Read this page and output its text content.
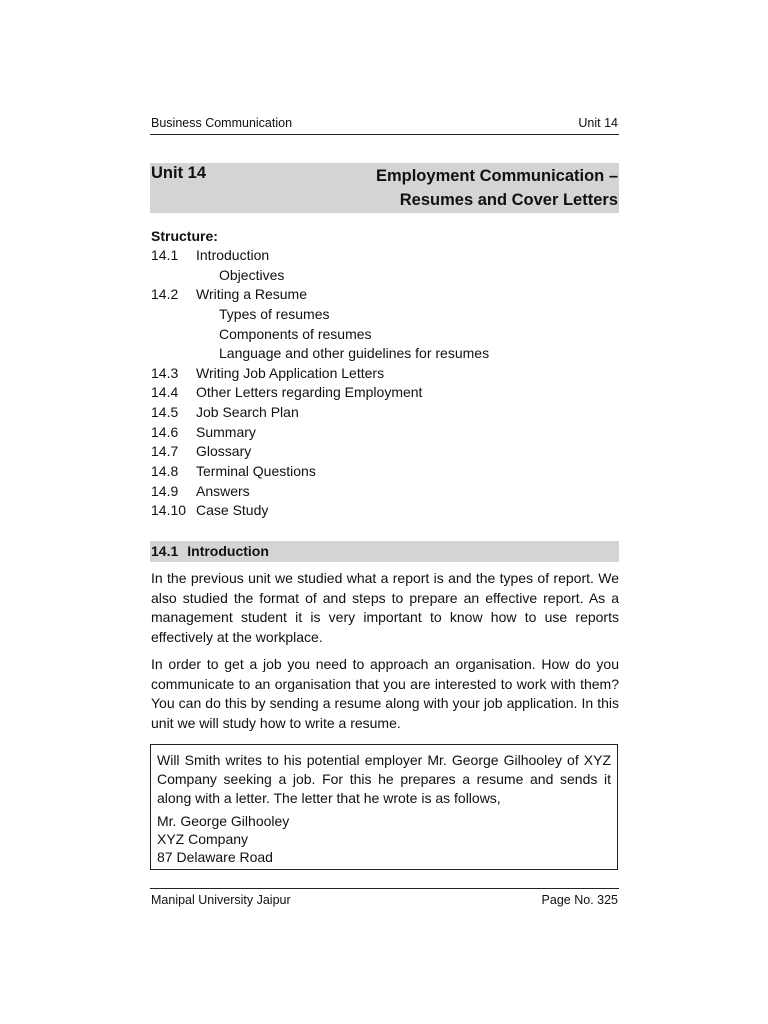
Business Communication	Unit 14
Unit 14	Employment Communication –
Resumes and Cover Letters
Structure:
14.1 Introduction
Objectives
14.2 Writing a Resume
Types of resumes
Components of resumes
Language and other guidelines for resumes
14.3 Writing Job Application Letters
14.4 Other Letters regarding Employment
14.5 Job Search Plan
14.6 Summary
14.7 Glossary
14.8 Terminal Questions
14.9 Answers
14.10 Case Study
14.1 Introduction

In the previous unit we studied what a report is and the types of report. We also studied the format of and steps to prepare an effective report. As a management student it is very important to know how to use reports effectively at the workplace.

In order to get a job you need to approach an organisation. How do you communicate to an organisation that you are interested to work with them? You can do this by sending a resume along with your job application. In this unit we will study how to write a resume.

Will Smith writes to his potential employer Mr. George Gilhooley of XYZ Company seeking a job. For this he prepares a resume and sends it along with a letter. The letter that he wrote is as follows,

Mr. George Gilhooley
XYZ Company
87 Delaware Road
Manipal University Jaipur	Page No. 325
